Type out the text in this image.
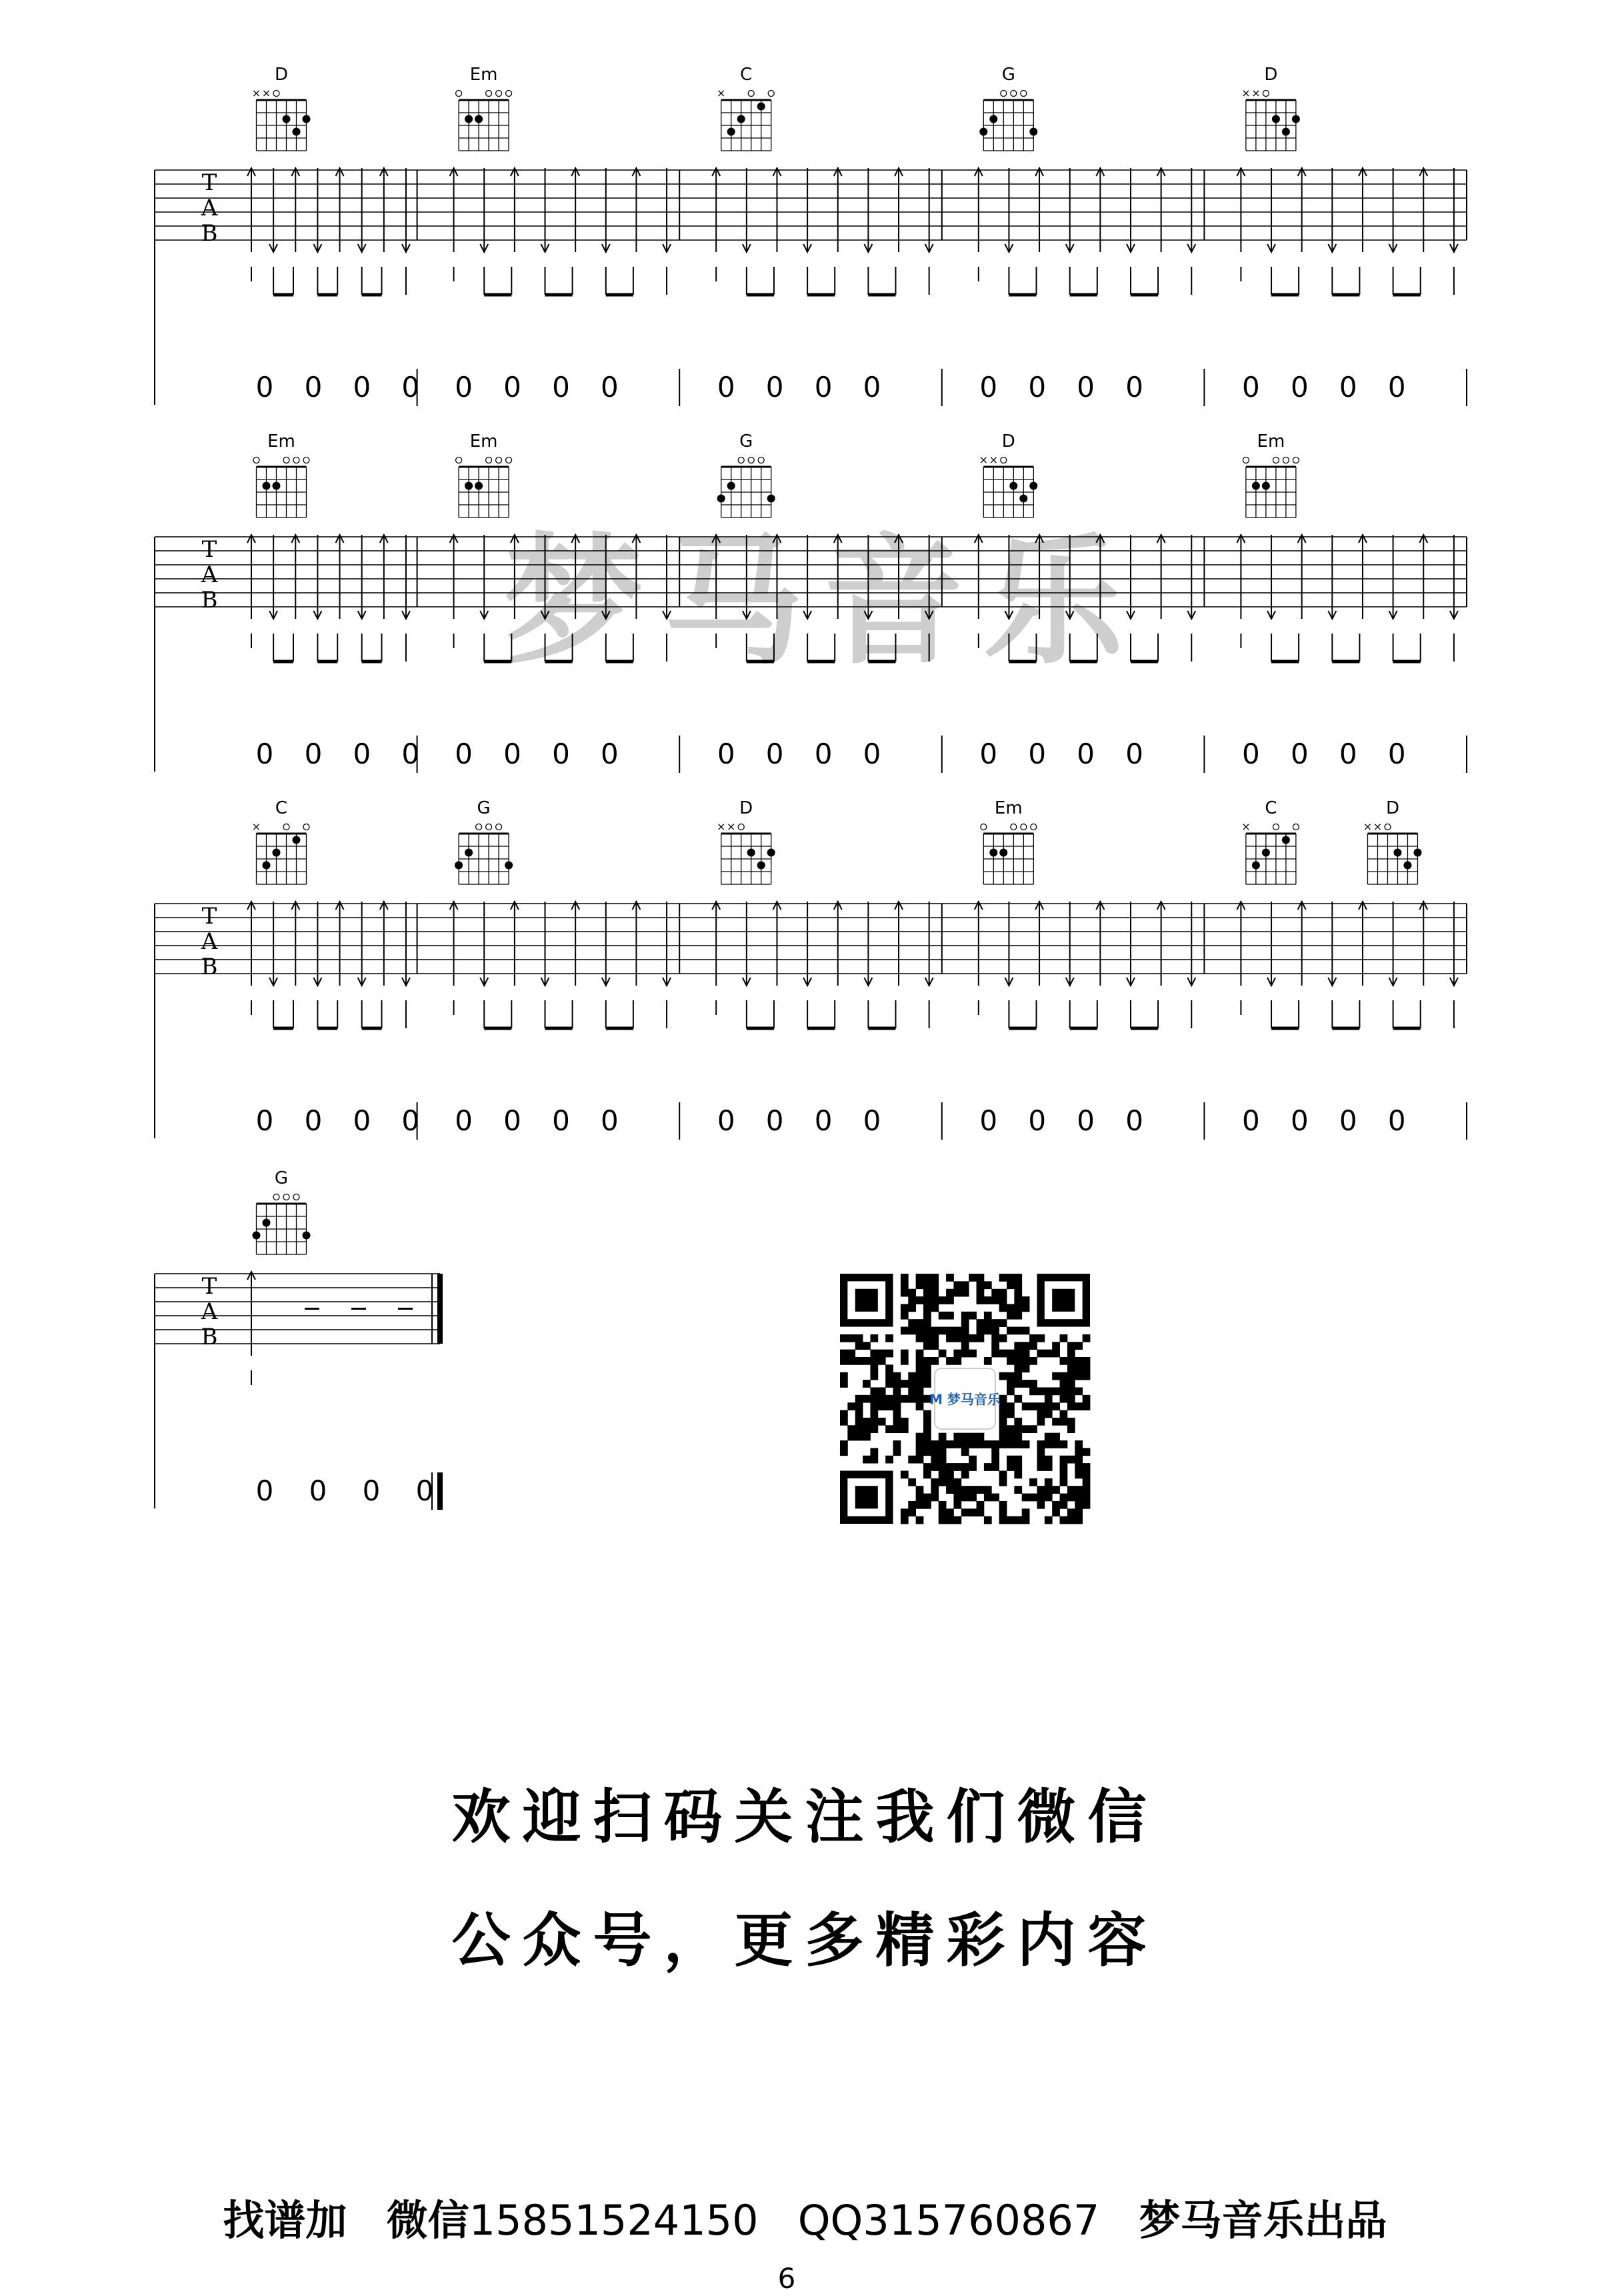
梦马音乐
T
A
B
D
× ×
0 0 0 0
Em
0 0 0 0
C
×
0 0 0 0
G
0 0 0 0
D
× ×
0 0 0 0
T
A
B
Em
0 0 0 0
Em
0 0 0 0
G
0 0 0 0
D
× ×
0 0 0 0
Em
0 0 0 0
T
A
B
C
×
0 0 0 0
G
0 0 0 0
D
× ×
0 0 0 0
Em
0 0 0 0
C
×
D
× ×
0 0 0 0
T
A
B
G
0 0 0 0
M 梦马音乐
欢迎扫码关注我们微信
公众号，更多精彩内容
找谱加 微信15851524150 QQ315760867 梦马音乐出品
6
